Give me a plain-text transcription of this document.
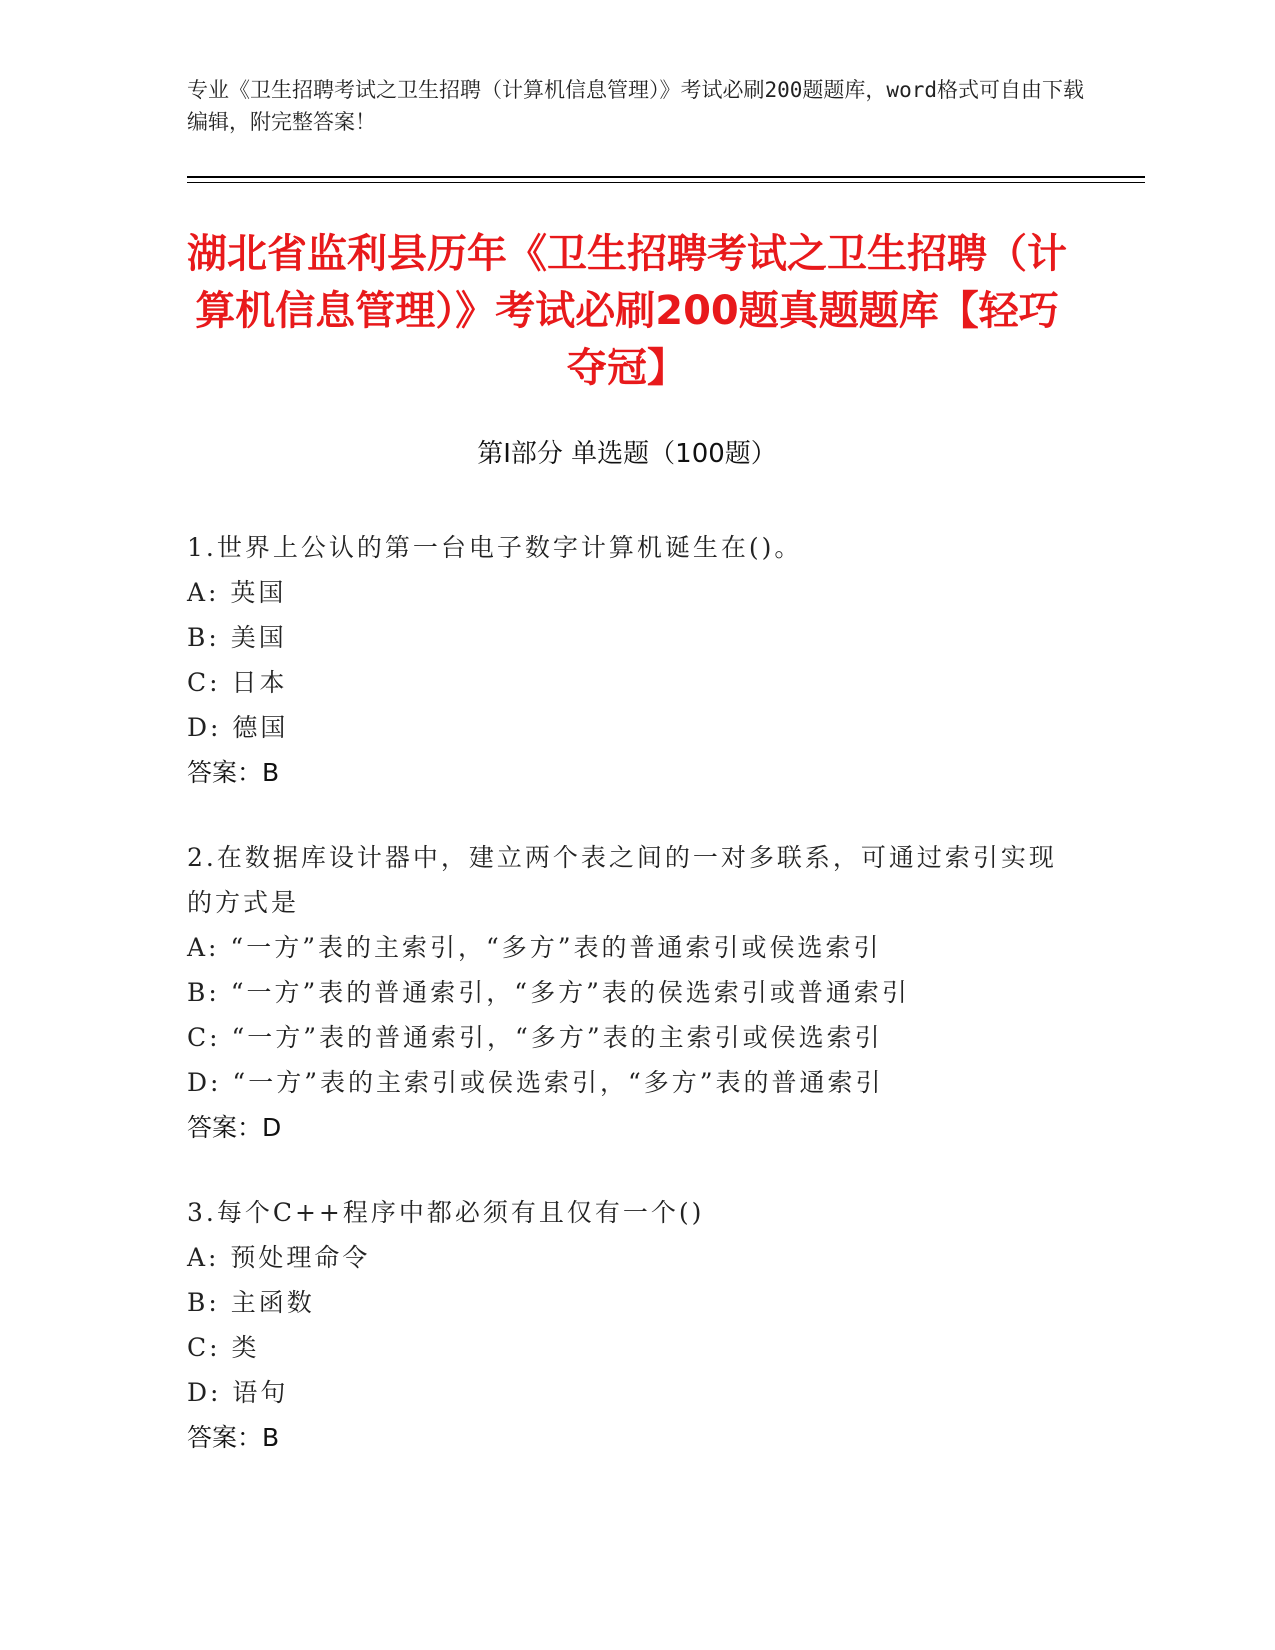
专业《卫生招聘考试之卫生招聘（计算机信息管理）》考试必刷200题题库，word格式可自由下载编辑，附完整答案！
湖北省监利县历年《卫生招聘考试之卫生招聘（计算机信息管理）》考试必刷200题真题题库【轻巧夺冠】
第I部分 单选题（100题）
1.世界上公认的第一台电子数字计算机诞生在()。
A: 英国
B: 美国
C: 日本
D: 德国
答案：B
2.在数据库设计器中，建立两个表之间的一对多联系，可通过索引实现的方式是
A: “一方”表的主索引，“多方”表的普通索引或侯选索引
B: “一方”表的普通索引，“多方”表的侯选索引或普通索引
C: “一方”表的普通索引，“多方”表的主索引或侯选索引
D: “一方”表的主索引或侯选索引，“多方”表的普通索引
答案：D
3.每个C++程序中都必须有且仅有一个()
A: 预处理命令
B: 主函数
C: 类
D: 语句
答案：B
